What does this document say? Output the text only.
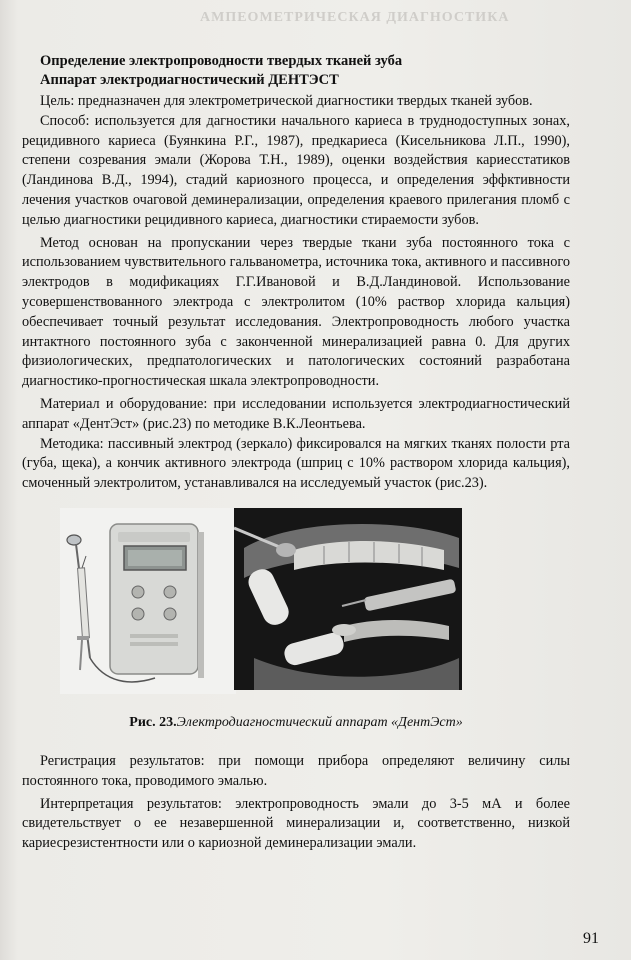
АМПЕОМЕТРИЧЕСКАЯ ДИАГНОСТИКА
Определение электропроводности твердых тканей зуба
Аппарат электродиагностический ДЕНТЭСТ

Цель: предназначен для электрометрической диагностики твердых тканей зубов.

Способ: используется для дагностики начального кариеса в труднодоступных зонах, рецидивного кариеса (Буянкина Р.Г., 1987), предкариеса (Кисельникова Л.П., 1990), степени созревания эмали (Жорова Т.Н., 1989), оценки воздействия кариесстатиков (Ландинова В.Д., 1994), стадий кариозного процесса, и определения эффктивности лечения участков очаговой деминерализации, определения краевого прилегания пломб с целью диагностики рецидивного кариеса, диагностики стираемости зубов.

Метод основан на пропускании через твердые ткани зуба постоянного тока с использованием чувствительного гальванометра, источника тока, активного и пассивного электродов в модификациях Г.Г.Ивановой и В.Д.Ландиновой. Использование усовершенствованного электрода с электролитом (10% раствор хлорида кальция) обеспечивает точный результат исследования. Электропроводность любого участка интактного постоянного зуба с законченной минерализацией равна 0. Для других физиологических, предпатологических и патологических состояний разработана диагностико-прогностическая шкала электропроводности.

Материал и оборудование: при исследовании используется электродиагностический аппарат «ДентЭст» (рис.23) по методике В.К.Леонтьева.

Методика: пассивный электрод (зеркало) фиксировался на мягких тканях полости рта (губа, щека), а кончик активного электрода (шприц с 10% раствором хлорида кальция), смоченный электролитом, устанавливался на исследуемый участок (рис.23).

Рис. 23.Электродиагностический аппарат «ДентЭст»

Регистрация результатов: при помощи прибора определяют величину силы постоянного тока, проводимого эмалью.

Интерпретация результатов: электропроводность эмали до 3-5 мА и более свидетельствует о ее незавершенной минерализации и, соответственно, низкой кариесрезистентности или о кариозной деминерализации эмали.

91
